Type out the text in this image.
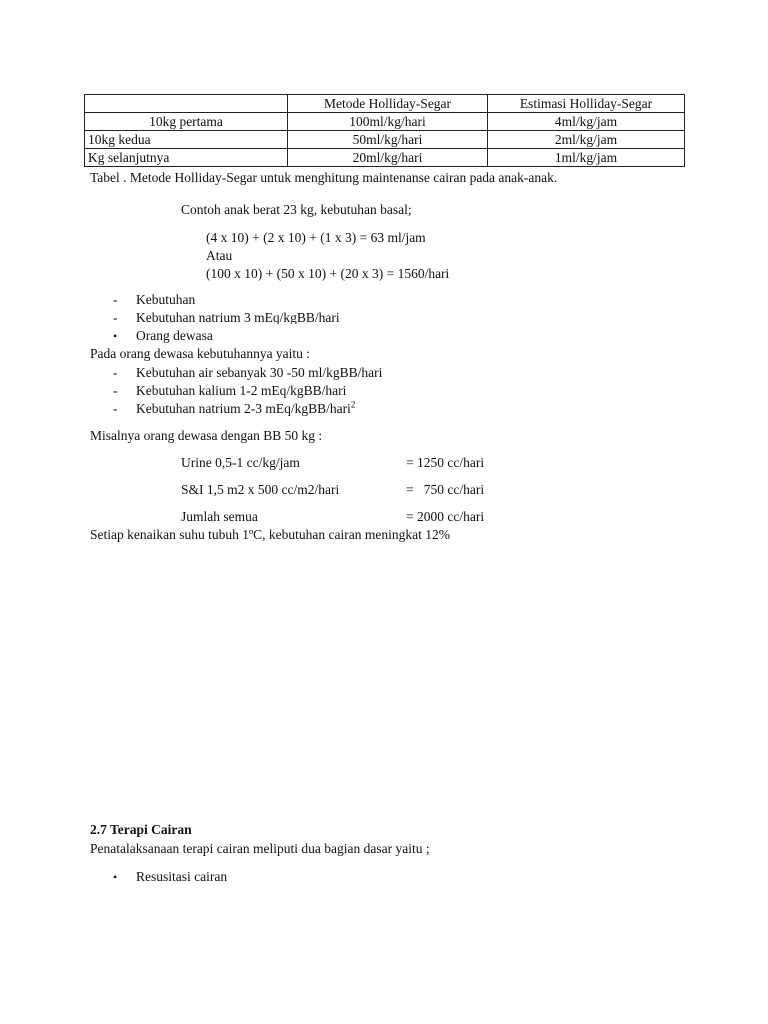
	Metode Holliday-Segar	Estimasi Holliday-Segar
10kg pertama	100ml/kg/hari	4ml/kg/jam
10kg kedua	50ml/kg/hari	2ml/kg/jam
Kg selanjutnya	20ml/kg/hari	1ml/kg/jam
Tabel . Metode Holliday-Segar untuk menghitung maintenanse cairan pada anak-anak.
Contoh anak berat 23 kg, kebutuhan basal;
(4 x 10) + (2 x 10) + (1 x 3) = 63 ml/jam
Atau
(100 x 10) + (50 x 10) + (20 x 3) = 1560/hari
- Kebutuhan
- Kebutuhan natrium 3 mEq/kgBB/hari
• Orang dewasa
Pada orang dewasa kebutuhannya yaitu :
- Kebutuhan air sebanyak 30 -50 ml/kgBB/hari
- Kebutuhan kalium 1-2 mEq/kgBB/hari
- Kebutuhan natrium 2-3 mEq/kgBB/hari$^2$
Misalnya orang dewasa dengan BB 50 kg :
Urine 0,5-1 cc/kg/jam	= 1250 cc/hari
S&I 1,5 m2 x 500 cc/m2/hari	=   750 cc/hari
Jumlah semua	= 2000 cc/hari
Setiap kenaikan suhu tubuh 1ºC, kebutuhan cairan meningkat 12%
2.7 Terapi Cairan
Penatalaksanaan terapi cairan meliputi dua bagian dasar yaitu ;
• Resusitasi cairan
